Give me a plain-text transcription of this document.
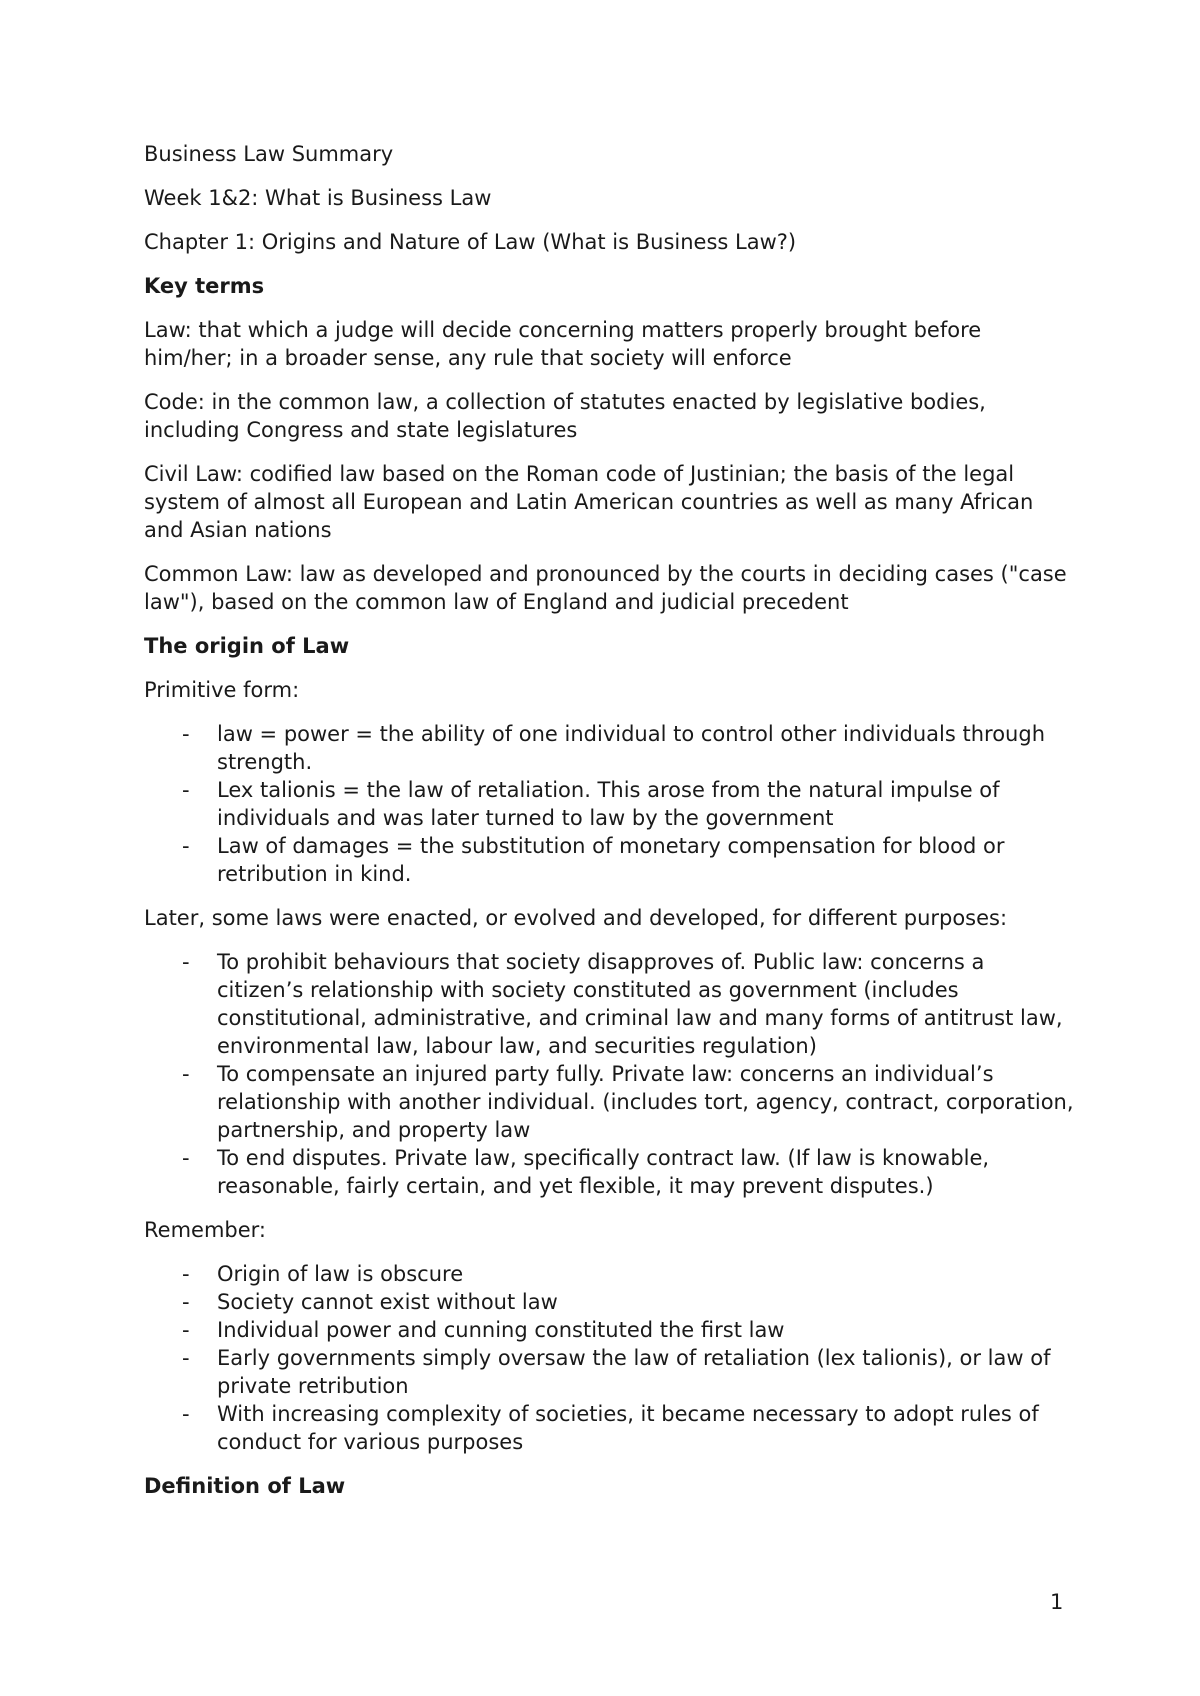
Business Law Summary

Week 1&2: What is Business Law

Chapter 1: Origins and Nature of Law (What is Business Law?)

Key terms

Law: that which a judge will decide concerning matters properly brought before him/her; in a broader sense, any rule that society will enforce

Code: in the common law, a collection of statutes enacted by legislative bodies, including Congress and state legislatures

Civil Law: codified law based on the Roman code of Justinian; the basis of the legal system of almost all European and Latin American countries as well as many African and Asian nations

Common Law: law as developed and pronounced by the courts in deciding cases ("case law"), based on the common law of England and judicial precedent

The origin of Law

Primitive form:

- law = power = the ability of one individual to control other individuals through strength.
- Lex talionis = the law of retaliation. This arose from the natural impulse of individuals and was later turned to law by the government
- Law of damages = the substitution of monetary compensation for blood or retribution in kind.

Later, some laws were enacted, or evolved and developed, for different purposes:

- To prohibit behaviours that society disapproves of. Public law: concerns a citizen’s relationship with society constituted as government (includes constitutional, administrative, and criminal law and many forms of antitrust law, environmental law, labour law, and securities regulation)
- To compensate an injured party fully. Private law: concerns an individual’s relationship with another individual. (includes tort, agency, contract, corporation, partnership, and property law
- To end disputes. Private law, specifically contract law. (If law is knowable, reasonable, fairly certain, and yet flexible, it may prevent disputes.)

Remember:

- Origin of law is obscure
- Society cannot exist without law
- Individual power and cunning constituted the first law
- Early governments simply oversaw the law of retaliation (lex talionis), or law of private retribution
- With increasing complexity of societies, it became necessary to adopt rules of conduct for various purposes
Definition of Law
1
